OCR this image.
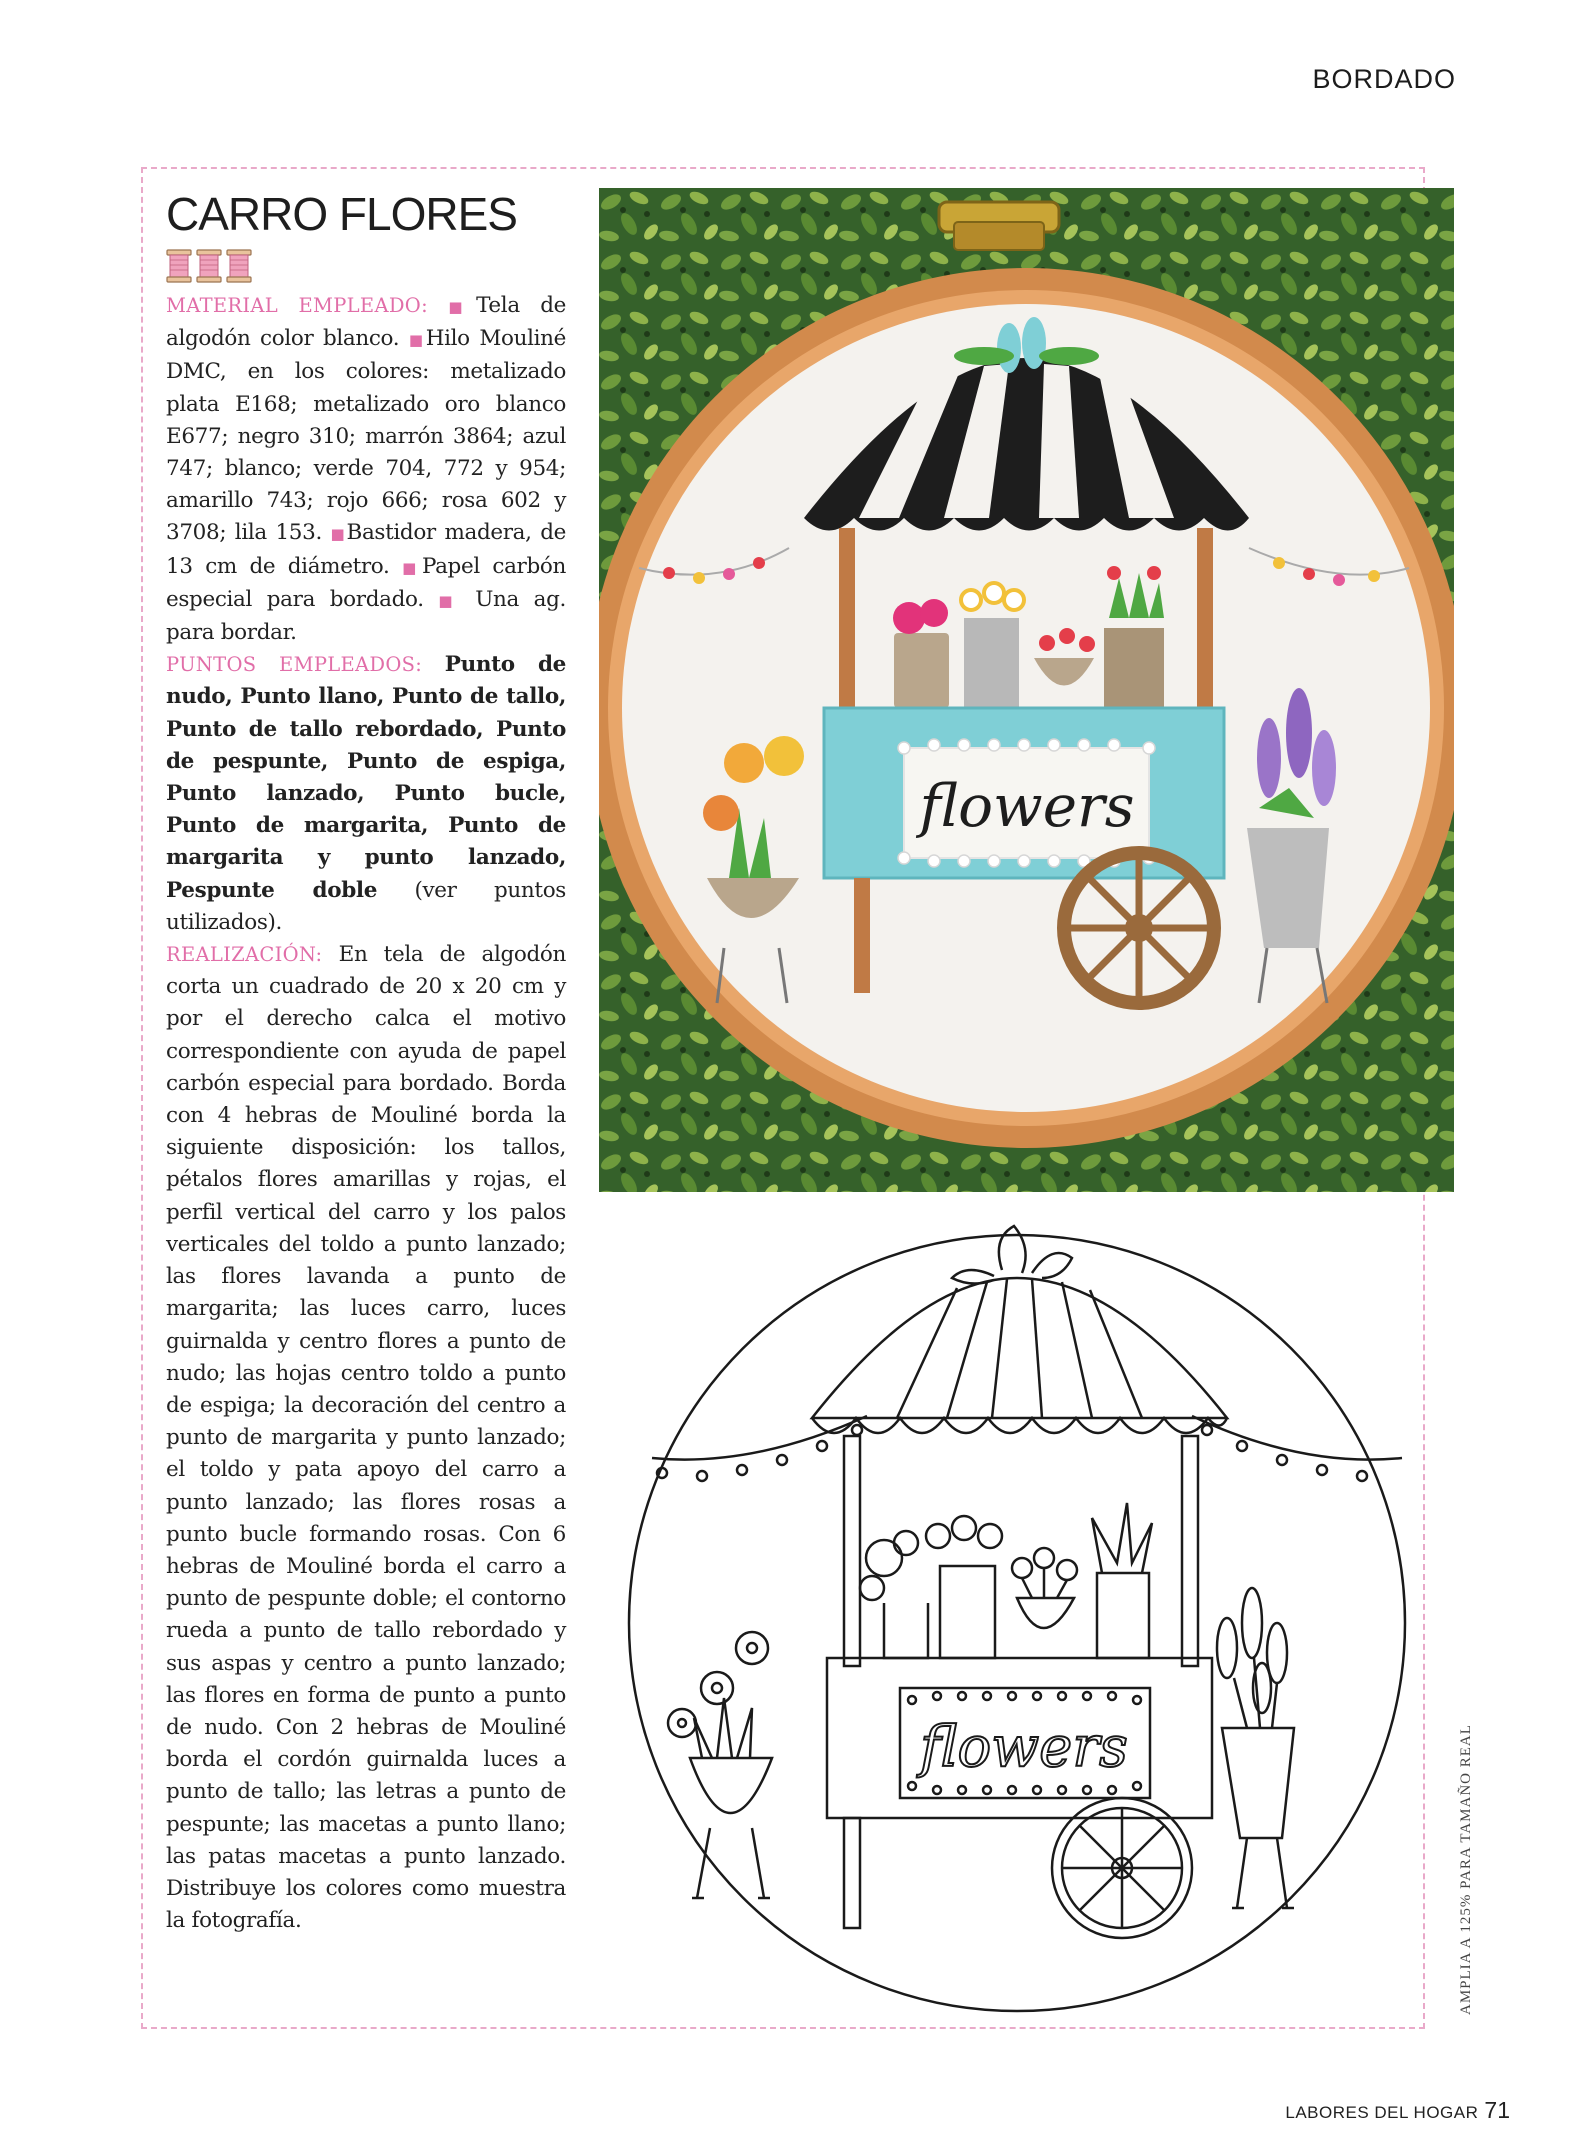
BORDADO
CARRO FLORES

MATERIAL EMPLEADO: ■Tela de algodón color blanco. ■Hilo Mouliné DMC, en los colores: metalizado plata E168; metalizado oro blanco E677; negro 310; marrón 3864; azul 747; blanco; verde 704, 772 y 954; amarillo 743; rojo 666; rosa 602 y 3708; lila 153. ■Bastidor madera, de 13 cm de diámetro. ■Papel carbón especial para bordado. ■ Una ag. para bordar.
PUNTOS EMPLEADOS: Punto de nudo, Punto llano, Punto de tallo, Punto de tallo rebordado, Punto de pespunte, Punto de espiga, Punto lanzado, Punto bucle, Punto de margarita, Punto de margarita y punto lanzado, Pespunte doble (ver puntos utilizados).
REALIZACIÓN: En tela de algodón corta un cuadrado de 20 x 20 cm y por el derecho calca el motivo correspondiente con ayuda de papel carbón especial para bordado. Borda con 4 hebras de Mouliné borda la siguiente disposición: los tallos, pétalos flores amarillas y rojas, el perfil vertical del carro y los palos verticales del toldo a punto lanzado; las flores lavanda a punto de margarita; las luces carro, luces guirnalda y centro flores a punto de nudo; las hojas centro toldo a punto de espiga; la decoración del centro a punto de margarita y punto lanzado; el toldo y pata apoyo del carro a punto lanzado; las flores rosas a punto bucle formando rosas. Con 6 hebras de Mouliné borda el carro a punto de pespunte doble; el contorno rueda a punto de tallo rebordado y sus aspas y centro a punto lanzado; las flores en forma de punto a punto de nudo. Con 2 hebras de Mouliné borda el cordón guirnalda luces a punto de tallo; las letras a punto de pespunte; las macetas a punto llano; las patas macetas a punto lanzado. Distribuye los colores como muestra la fotografía.

flowers
flowers	AMPLIA A 125% PARA TAMAÑO REAL
LABORES DEL HOGAR 71
